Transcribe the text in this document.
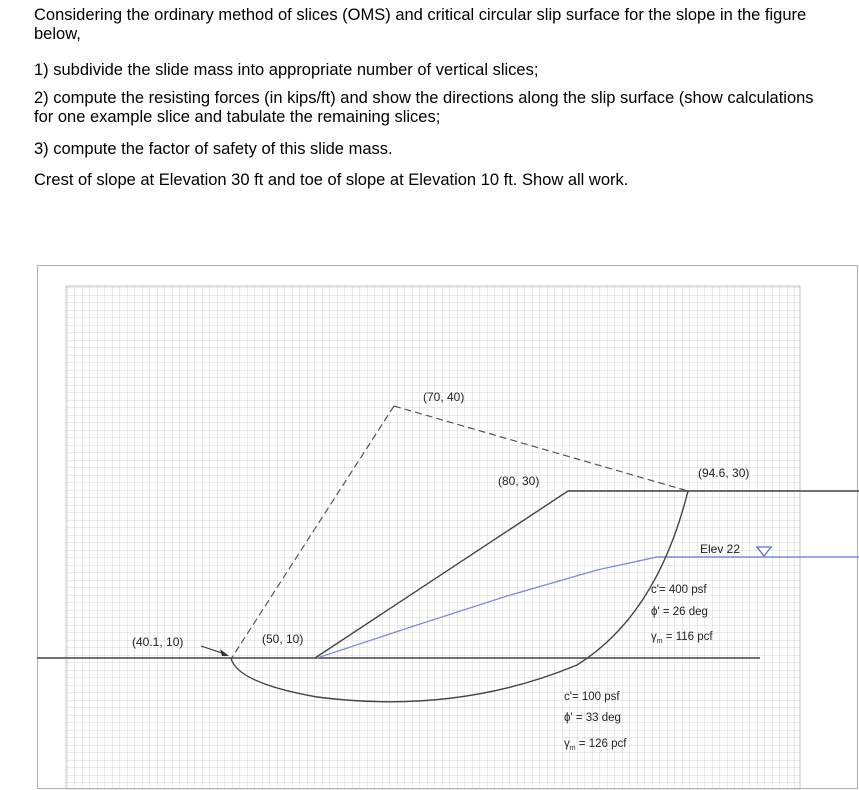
Considering the ordinary method of slices (OMS) and critical circular slip surface for the slope in the figure below,

1) subdivide the slide mass into appropriate number of vertical slices;

2) compute the resisting forces (in kips/ft) and show the directions along the slip surface (show calculations for one example slice and tabulate the remaining slices;

3) compute the factor of safety of this slide mass.

Crest of slope at Elevation 30 ft and toe of slope at Elevation 10 ft. Show all work.

(70, 40)
(80, 30)
(94.6, 30)
(40.1, 10)	(50, 10)
Elev 22
c'= 400 psf
ϕ' = 26 deg
$\gamma_m = 116$ pcf
c'= 100 psf
ϕ' = 33 deg
$\gamma_m = 126$ pcf
